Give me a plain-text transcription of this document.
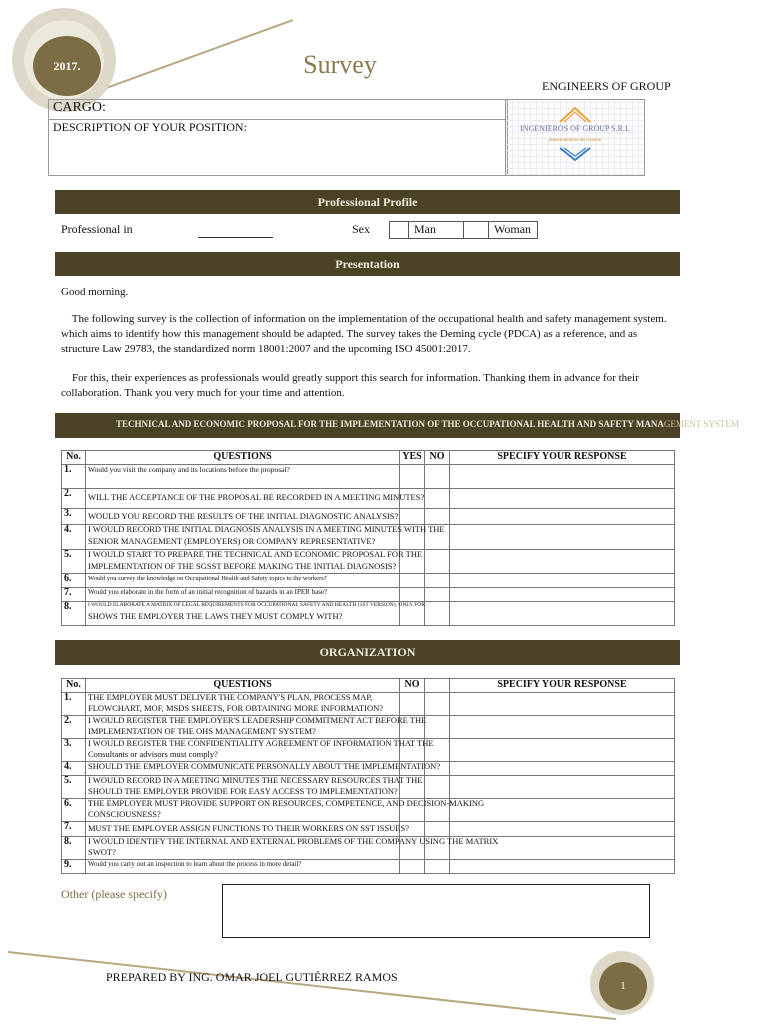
2017.	Survey
ENGINEERS OF GROUP
CARGO:
DESCRIPTION OF YOUR POSITION:	INGENIEROS OF GROUP S.R.L
Asesoramiento de Gestión
Professional Profile
Professional in	Sex	Man	Woman
Presentation
Good morning.
The following survey is the collection of information on the implementation of the occupational health and safety management system.
which aims to identify how this management should be adapted. The survey takes the Deming cycle (PDCA) as a reference, and as
structure Law 29783, the standardized norm 18001:2007 and the upcoming ISO 45001:2017.
For this, their experiences as professionals would greatly support this search for information. Thanking them in advance for their
collaboration. Thank you very much for your time and attention.
TECHNICAL AND ECONOMIC PROPOSAL FOR THE IMPLEMENTATION OF THE OCCUPATIONAL HEALTH AND SAFETY MANAGEMENT SYSTEM
No.	QUESTIONS	YES	NO	SPECIFY YOUR RESPONSE
1.	Would you visit the company and its locations before the proposal?			

2.	WILL THE ACCEPTANCE OF THE PROPOSAL BE RECORDED IN A MEETING MINUTES?			

3.	WOULD YOU RECORD THE RESULTS OF THE INITIAL DIAGNOSTIC ANALYSIS?			

4.	I WOULD RECORD THE INITIAL DIAGNOSIS ANALYSIS IN A MEETING MINUTES WITH THE
SENIOR MANAGEMENT (EMPLOYERS) OR COMPANY REPRESENTATIVE?			

5.	I WOULD START TO PREPARE THE TECHNICAL AND ECONOMIC PROPOSAL FOR THE
IMPLEMENTATION OF THE SGSST BEFORE MAKING THE INITIAL DIAGNOSIS?			

6.	Would you survey the knowledge on Occupational Health and Safety topics to the workers?			

7.	Would you elaborate in the form of an initial recognition of hazards in an IPER base?			

8.	I WOULD ELABORATE A MATRIX OF LEGAL REQUIREMENTS FOR OCCUPATIONAL SAFETY AND HEALTH (1ST VERSION), ONLY FOR
SHOWS THE EMPLOYER THE LAWS THEY MUST COMPLY WITH?			

ORGANIZATION
No.	QUESTIONS	NO		SPECIFY YOUR RESPONSE
1.	THE EMPLOYER MUST DELIVER THE COMPANY'S PLAN, PROCESS MAP,
FLOWCHART, MOF, MSDS SHEETS, FOR OBTAINING MORE INFORMATION?			

2.	I WOULD REGISTER THE EMPLOYER'S LEADERSHIP COMMITMENT ACT BEFORE THE
IMPLEMENTATION OF THE OHS MANAGEMENT SYSTEM?			

3.	I WOULD REGISTER THE CONFIDENTIALITY AGREEMENT OF INFORMATION THAT THE
Consultants or advisors must comply?			

4.	SHOULD THE EMPLOYER COMMUNICATE PERSONALLY ABOUT THE IMPLEMENTATION?			

5.	I WOULD RECORD IN A MEETING MINUTES THE NECESSARY RESOURCES THAT THE
SHOULD THE EMPLOYER PROVIDE FOR EASY ACCESS TO IMPLEMENTATION?			

6.	THE EMPLOYER MUST PROVIDE SUPPORT ON RESOURCES, COMPETENCE, AND DECISION-MAKING
CONSCIOUSNESS?			

7.	MUST THE EMPLOYER ASSIGN FUNCTIONS TO THEIR WORKERS ON SST ISSUES?			

8.	I WOULD IDENTIFY THE INTERNAL AND EXTERNAL PROBLEMS OF THE COMPANY USING THE MATRIX
SWOT?			

9.	Would you carry out an inspection to learn about the process in more detail?			

Other (please specify)
PREPARED BY ING. OMAR JOEL GUTIÉRREZ RAMOS
1
